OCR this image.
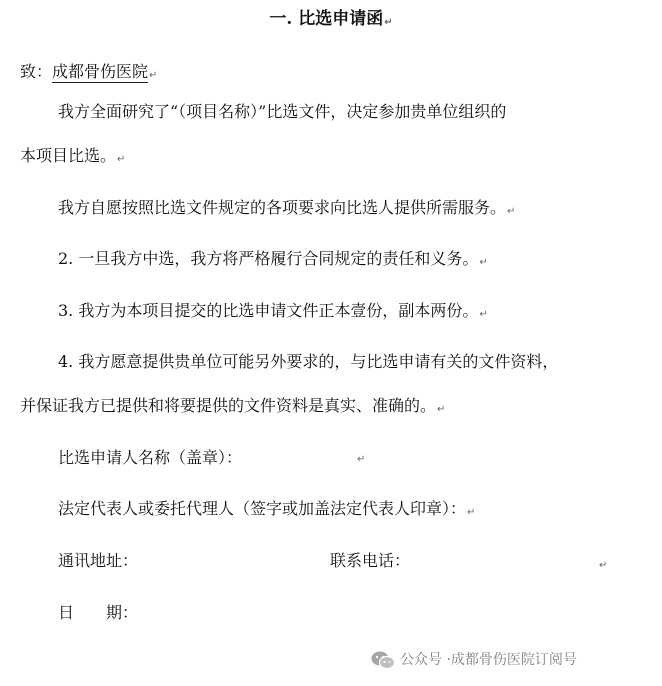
一. 比选申请函↵
致：成都骨伤医院↵
我方全面研究了“（项目名称）”比选文件，决定参加贵单位组织的
本项目比选。↵
我方自愿按照比选文件规定的各项要求向比选人提供所需服务。↵
2. 一旦我方中选，我方将严格履行合同规定的责任和义务。↵
3. 我方为本项目提交的比选申请文件正本壹份，副本两份。↵
4. 我方愿意提供贵单位可能另外要求的，与比选申请有关的文件资料，
并保证我方已提供和将要提供的文件资料是真实、准确的。↵
比选申请人名称（盖章）：	↵
法定代表人或委托代理人（签字或加盖法定代表人印章）：↵
通讯地址：	联系电话：	↵
日　　期：
公众号 · 成都骨伤医院订阅号
